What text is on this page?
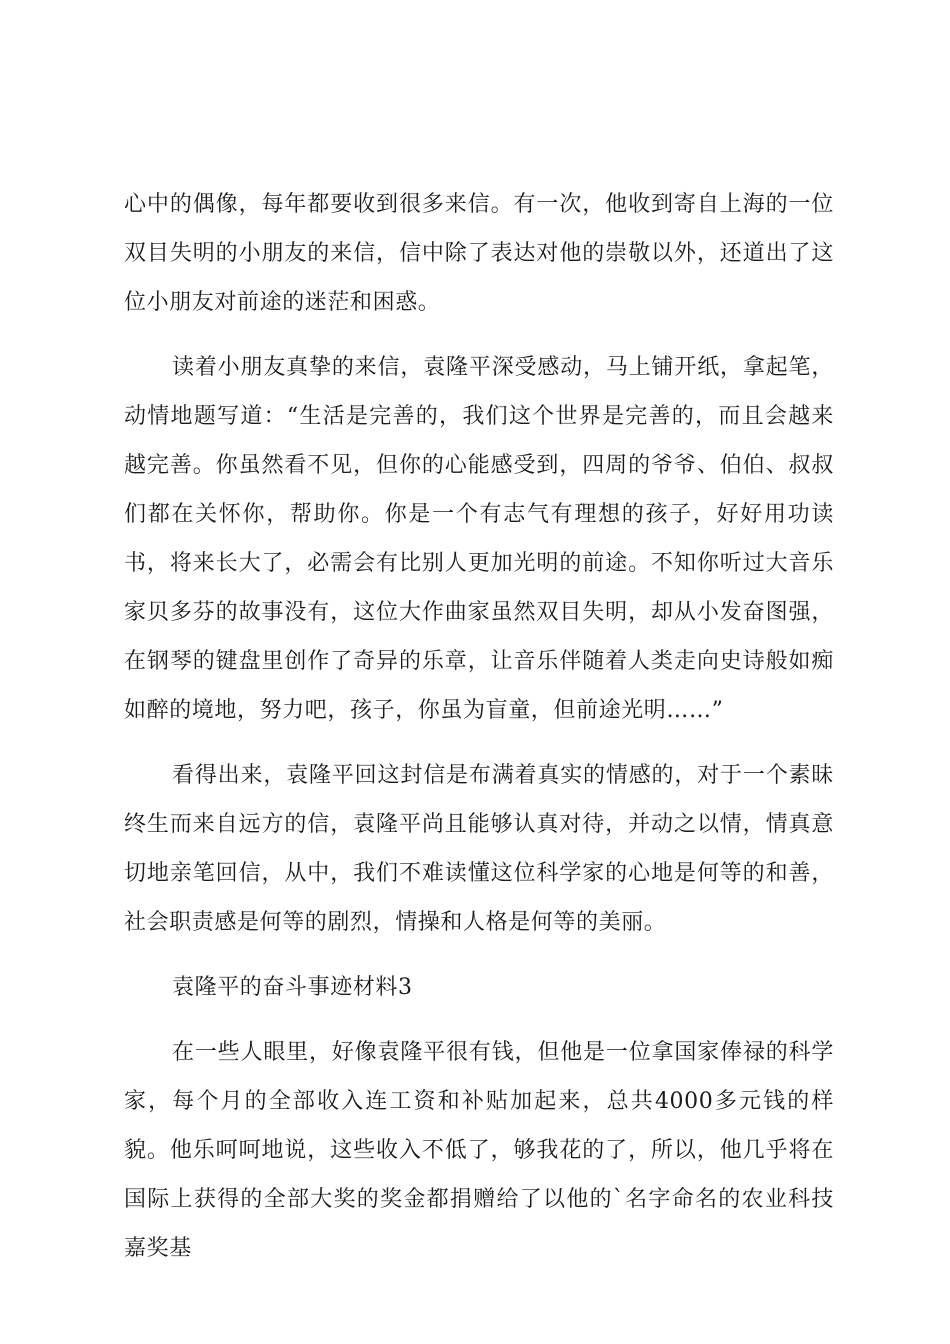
心中的偶像，每年都要收到很多来信。有一次，他收到寄自上海的一位双目失明的小朋友的来信，信中除了表达对他的崇敬以外，还道出了这位小朋友对前途的迷茫和困惑。

读着小朋友真挚的来信，袁隆平深受感动，马上铺开纸，拿起笔，动情地题写道：“生活是完善的，我们这个世界是完善的，而且会越来越完善。你虽然看不见，但你的心能感受到，四周的爷爷、伯伯、叔叔们都在关怀你，帮助你。你是一个有志气有理想的孩子，好好用功读书，将来长大了，必需会有比别人更加光明的前途。不知你听过大音乐家贝多芬的故事没有，这位大作曲家虽然双目失明，却从小发奋图强，在钢琴的键盘里创作了奇异的乐章，让音乐伴随着人类走向史诗般如痴如醉的境地，努力吧，孩子，你虽为盲童，但前途光明……”

看得出来，袁隆平回这封信是布满着真实的情感的，对于一个素昧终生而来自远方的信，袁隆平尚且能够认真对待，并动之以情，情真意切地亲笔回信，从中，我们不难读懂这位科学家的心地是何等的和善，社会职责感是何等的剧烈，情操和人格是何等的美丽。

袁隆平的奋斗事迹材料3

在一些人眼里，好像袁隆平很有钱，但他是一位拿国家俸禄的科学家，每个月的全部收入连工资和补贴加起来，总共4000多元钱的样貌。他乐呵呵地说，这些收入不低了，够我花的了，所以，他几乎将在国际上获得的全部大奖的奖金都捐赠给了以他的`名字命名的农业科技嘉奖基
